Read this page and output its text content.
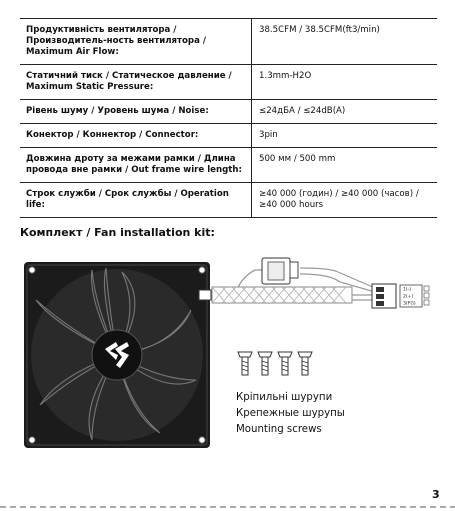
Продуктивність вентилятора / Производитель-ность вентилятора / Maximum Air Flow:	38.5CFM / 38.5CFM(ft3/min)
Статичний тиск / Статическое давление / Maximum Static Pressure:	1.3mm-H2O
Рівень шуму / Уровень шума / Noise:	≤24дБА / ≤24dB(A)
Конектор / Коннектор / Connector:	3pin
Довжина дроту за межами рамки / Длина провода вне рамки / Out frame wire length:	500 мм / 500 mm
Строк служби / Срок службы / Operation life:	≥40 000 (годин) / ≥40 000 (часов) / ≥40 000 hours
Комплект / Fan installation kit:
1(-)
2(+)
3(FG)
Кріпильні шурупи
Крепежные шурупы
Mounting screws
3
